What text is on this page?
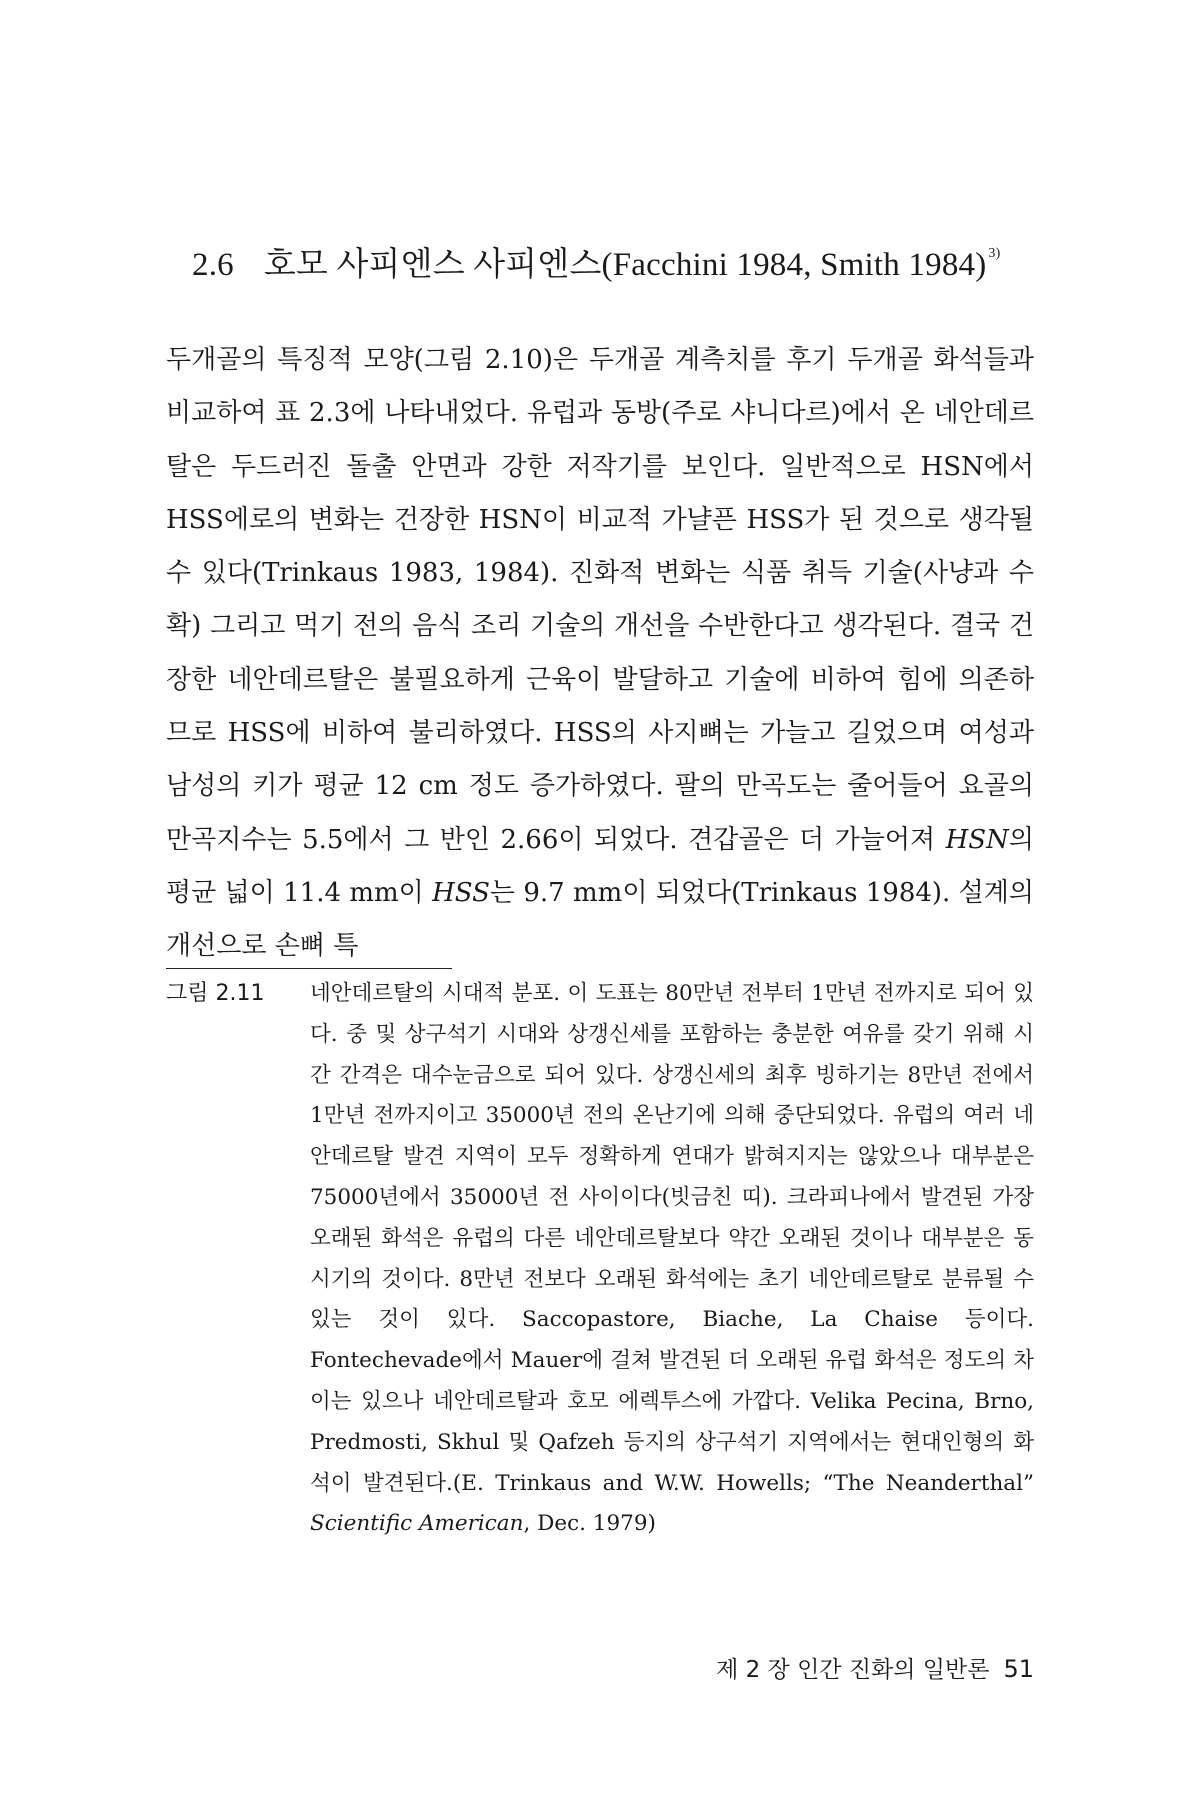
2.6 호모 사피엔스 사피엔스(Facchini 1984, Smith 1984) $^{3)}$

두개골의 특징적 모양(그림 2.10)은 두개골 계측치를 후기 두개골 화석들과 비교하여 표 2.3에 나타내었다. 유럽과 동방(주로 샤니다르)에서 온 네안데르탈은 두드러진 돌출 안면과 강한 저작기를 보인다. 일반적으로 HSN에서 HSS에로의 변화는 건장한 HSN이 비교적 가냘픈 HSS가 된 것으로 생각될 수 있다(Trinkaus 1983, 1984). 진화적 변화는 식품 취득 기술(사냥과 수확) 그리고 먹기 전의 음식 조리 기술의 개선을 수반한다고 생각된다. 결국 건장한 네안데르탈은 불필요하게 근육이 발달하고 기술에 비하여 힘에 의존하므로 HSS에 비하여 불리하였다. HSS의 사지뼈는 가늘고 길었으며 여성과 남성의 키가 평균 12 cm 정도 증가하였다. 팔의 만곡도는 줄어들어 요골의 만곡지수는 5.5에서 그 반인 2.66이 되었다. 견갑골은 더 가늘어져 HSN의 평균 넓이 11.4 mm이 HSS는 9.7 mm이 되었다(Trinkaus 1984). 설계의 개선으로 손뼈 특

그림 2.11	네안데르탈의 시대적 분포. 이 도표는 80만년 전부터 1만년 전까지로 되어 있다. 중 및 상구석기 시대와 상갱신세를 포함하는 충분한 여유를 갖기 위해 시간 간격은 대수눈금으로 되어 있다. 상갱신세의 최후 빙하기는 8만년 전에서 1만년 전까지이고 35000년 전의 온난기에 의해 중단되었다. 유럽의 여러 네안데르탈 발견 지역이 모두 정확하게 연대가 밝혀지지는 않았으나 대부분은 75000년에서 35000년 전 사이이다(빗금친 띠). 크라피나에서 발견된 가장 오래된 화석은 유럽의 다른 네안데르탈보다 약간 오래된 것이나 대부분은 동시기의 것이다. 8만년 전보다 오래된 화석에는 초기 네안데르탈로 분류될 수 있는 것이 있다. Saccopastore, Biache, La Chaise 등이다. Fontechevade에서 Mauer에 걸쳐 발견된 더 오래된 유럽 화석은 정도의 차이는 있으나 네안데르탈과 호모 에렉투스에 가깝다. Velika Pecina, Brno, Predmosti, Skhul 및 Qafzeh 등지의 상구석기 지역에서는 현대인형의 화석이 발견된다.(E. Trinkaus and W.W. Howells; “The Neanderthal” Scientific American, Dec. 1979)

제 2 장 인간 진화의 일반론 51
